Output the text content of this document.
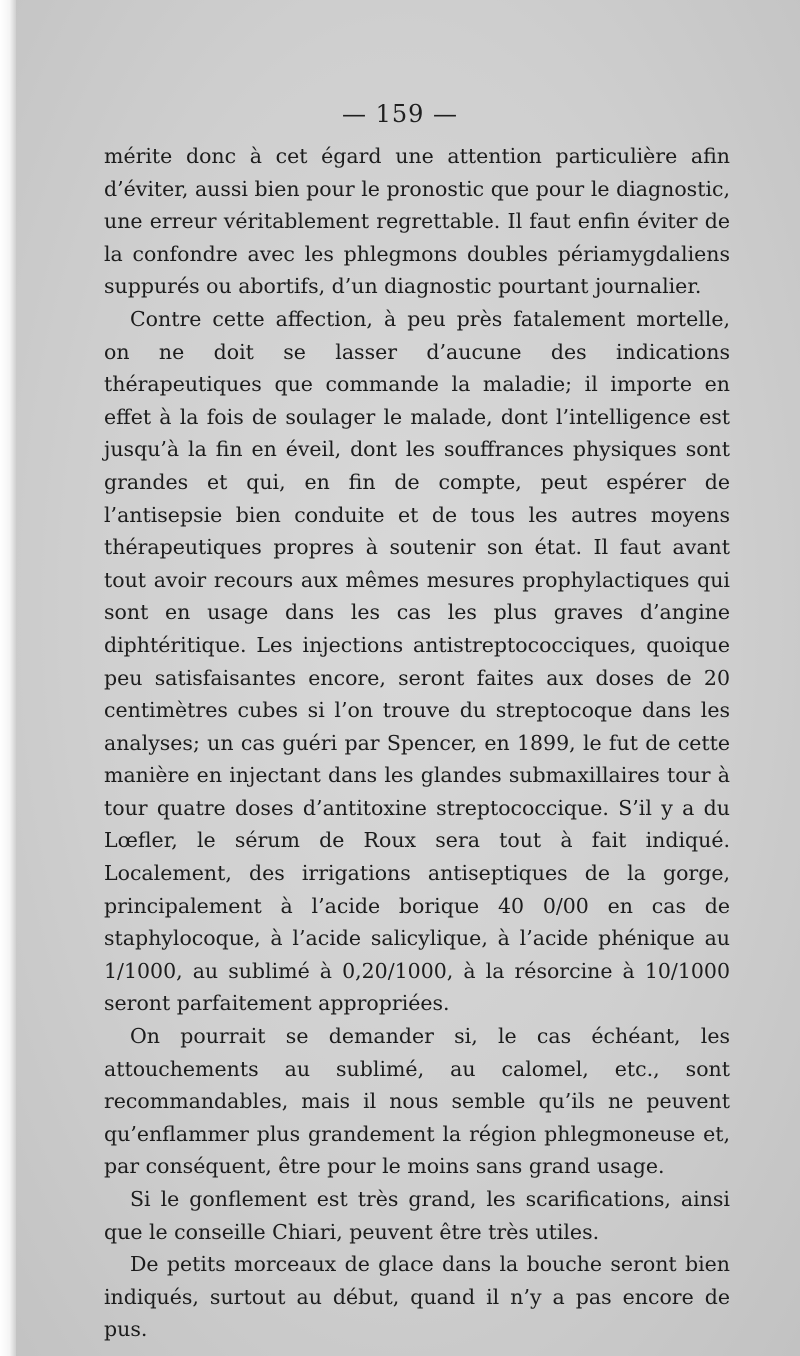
— 159 —

mérite donc à cet égard une attention particulière afin d’éviter, aussi bien pour le pronostic que pour le diagnostic, une erreur véritablement regrettable. Il faut enfin éviter de la confondre avec les phlegmons doubles périamygdaliens suppurés ou abortifs, d’un diagnostic pourtant journalier.

Contre cette affection, à peu près fatalement mortelle, on ne doit se lasser d’aucune des indications thérapeutiques que commande la maladie; il importe en effet à la fois de soulager le malade, dont l’intelligence est jusqu’à la fin en éveil, dont les souffrances physiques sont grandes et qui, en fin de compte, peut espérer de l’antisepsie bien conduite et de tous les autres moyens thérapeutiques propres à soutenir son état. Il faut avant tout avoir recours aux mêmes mesures prophylactiques qui sont en usage dans les cas les plus graves d’angine diphtéritique. Les injections antistreptococciques, quoique peu satisfaisantes encore, seront faites aux doses de 20 centimètres cubes si l’on trouve du streptocoque dans les analyses; un cas guéri par Spencer, en 1899, le fut de cette manière en injectant dans les glandes submaxillaires tour à tour quatre doses d’antitoxine streptococcique. S’il y a du Lœfler, le sérum de Roux sera tout à fait indiqué. Localement, des irrigations antiseptiques de la gorge, principalement à l’acide borique 40 0/00 en cas de staphylocoque, à l’acide salicylique, à l’acide phénique au 1/1000, au sublimé à 0,20/1000, à la résorcine à 10/1000 seront parfaitement appropriées.

On pourrait se demander si, le cas échéant, les attouchements au sublimé, au calomel, etc., sont recommandables, mais il nous semble qu’ils ne peuvent qu’enflammer plus grandement la région phlegmoneuse et, par conséquent, être pour le moins sans grand usage.

Si le gonflement est très grand, les scarifications, ainsi que le conseille Chiari, peuvent être très utiles.

De petits morceaux de glace dans la bouche seront bien indiqués, surtout au début, quand il n’y a pas encore de pus.
